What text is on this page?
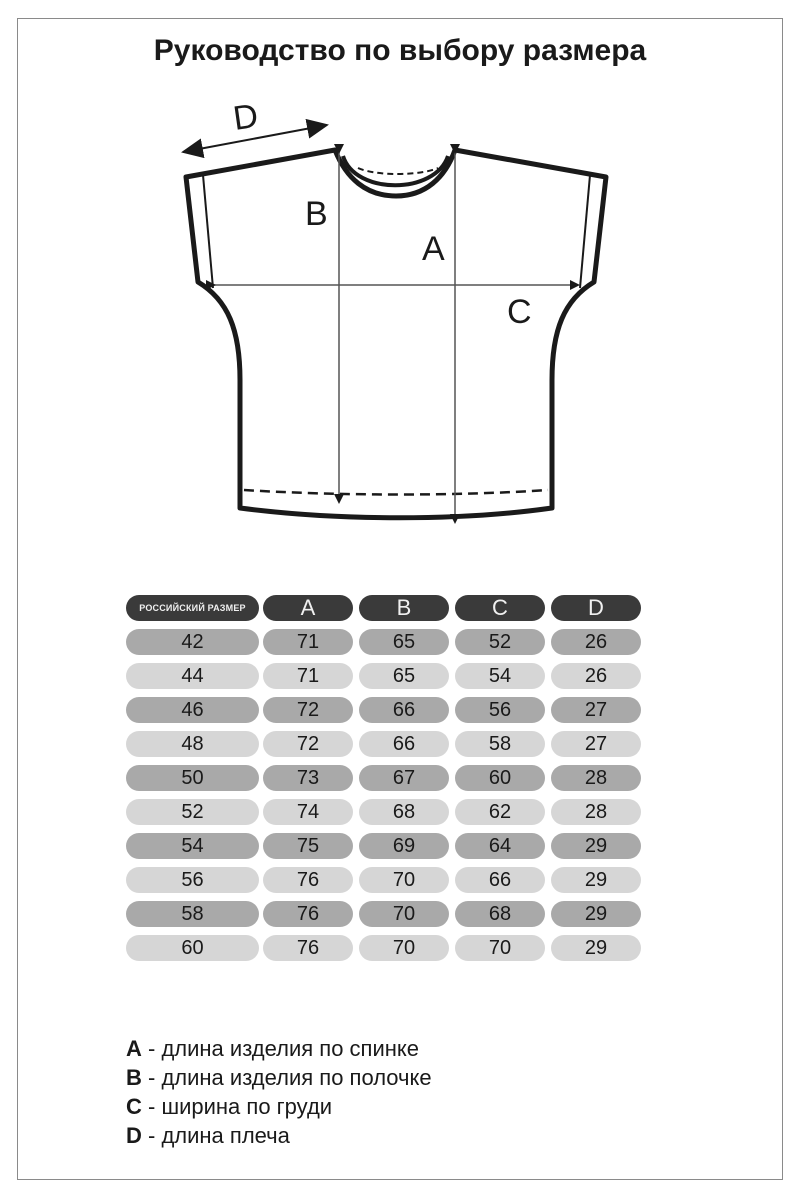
Руководство по выбору размера
D
B
A
C
РОССИЙСКИЙ РАЗМЕР	A	B	C	D
42	71	65	52	26
44	71	65	54	26
46	72	66	56	27
48	72	66	58	27
50	73	67	60	28
52	74	68	62	28
54	75	69	64	29
56	76	70	66	29
58	76	70	68	29
60	76	70	70	29
A - длина изделия по спинке
B - длина изделия по полочке
C - ширина по груди
D - длина плеча
